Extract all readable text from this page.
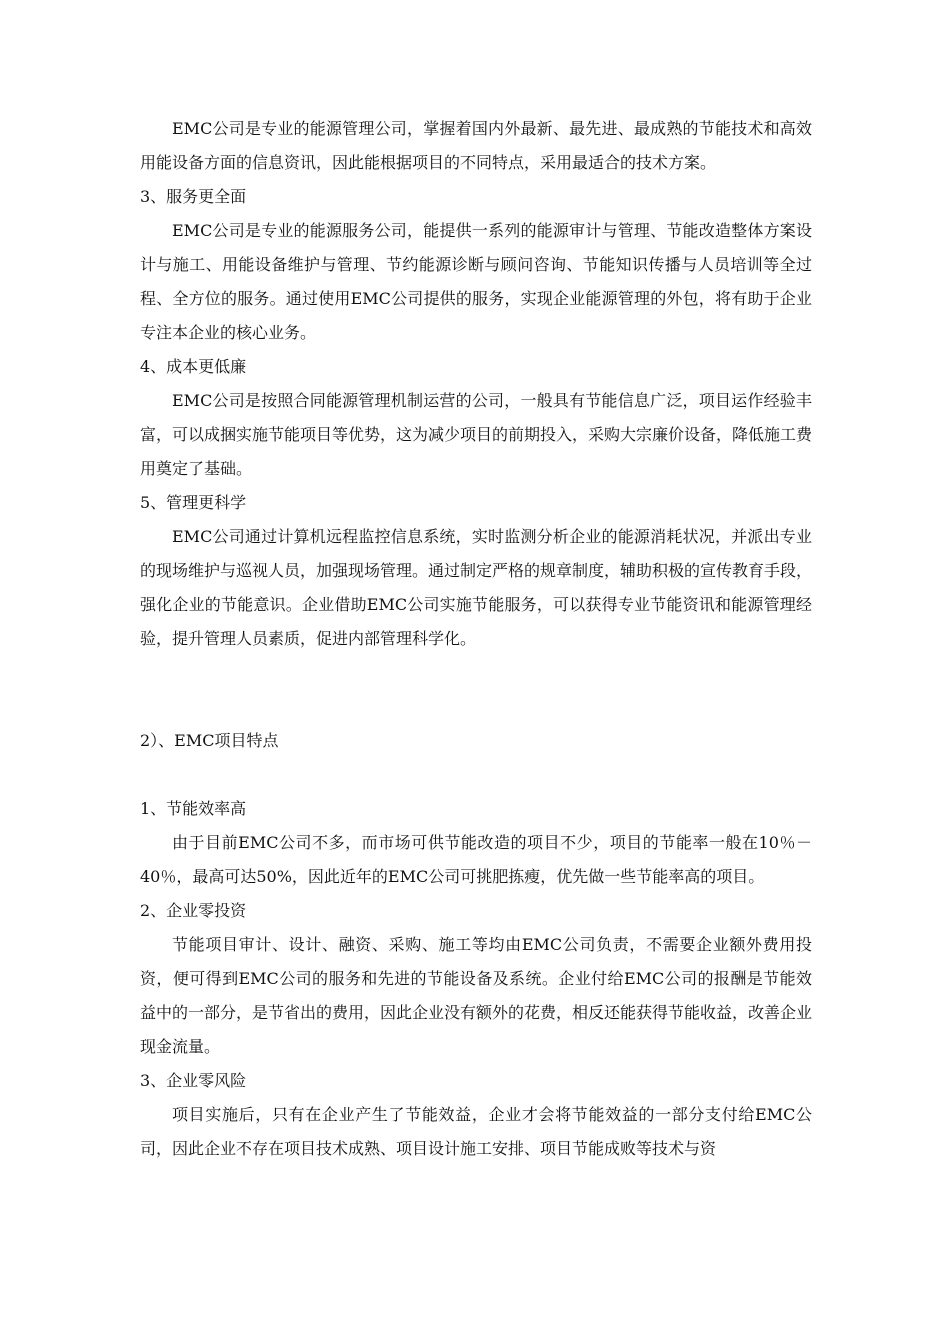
EMC公司是专业的能源管理公司，掌握着国内外最新、最先进、最成熟的节能技术和高效用能设备方面的信息资讯，因此能根据项目的不同特点，采用最适合的技术方案。

3、服务更全面

EMC公司是专业的能源服务公司，能提供一系列的能源审计与管理、节能改造整体方案设计与施工、用能设备维护与管理、节约能源诊断与顾问咨询、节能知识传播与人员培训等全过程、全方位的服务。通过使用EMC公司提供的服务，实现企业能源管理的外包，将有助于企业专注本企业的核心业务。

4、成本更低廉

EMC公司是按照合同能源管理机制运营的公司，一般具有节能信息广泛，项目运作经验丰富，可以成捆实施节能项目等优势，这为减少项目的前期投入，采购大宗廉价设备，降低施工费用奠定了基础。

5、管理更科学

EMC公司通过计算机远程监控信息系统，实时监测分析企业的能源消耗状况，并派出专业的现场维护与巡视人员，加强现场管理。通过制定严格的规章制度，辅助积极的宣传教育手段，强化企业的节能意识。企业借助EMC公司实施节能服务，可以获得专业节能资讯和能源管理经验，提升管理人员素质，促进内部管理科学化。

2）、EMC项目特点

1、节能效率高

由于目前EMC公司不多，而市场可供节能改造的项目不少，项目的节能率一般在10％－40％，最高可达50%，因此近年的EMC公司可挑肥拣瘦，优先做一些节能率高的项目。

2、企业零投资

节能项目审计、设计、融资、采购、施工等均由EMC公司负责，不需要企业额外费用投资，便可得到EMC公司的服务和先进的节能设备及系统。企业付给EMC公司的报酬是节能效益中的一部分，是节省出的费用，因此企业没有额外的花费，相反还能获得节能收益，改善企业现金流量。

3、企业零风险

项目实施后，只有在企业产生了节能效益，企业才会将节能效益的一部分支付给EMC公司，因此企业不存在项目技术成熟、项目设计施工安排、项目节能成败等技术与资
